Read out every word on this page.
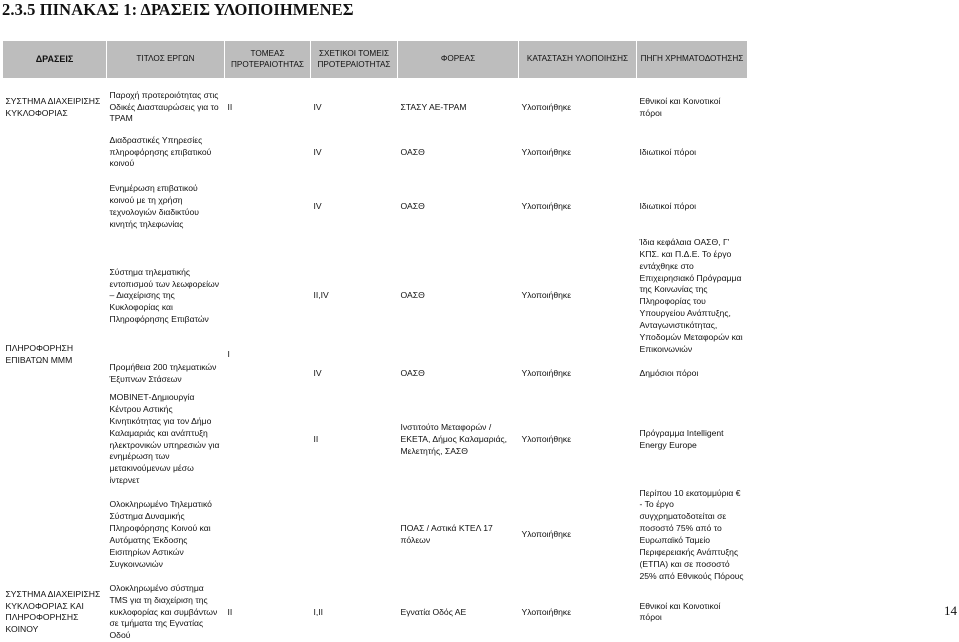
2.3.5 ΠΙΝΑΚΑΣ 1: ΔΡΑΣΕΙΣ ΥΛΟΠΟΙΗΜΕΝΕΣ
ΔΡΑΣΕΙΣ	ΤΙΤΛΟΣ ΕΡΓΩΝ	ΤΟΜΕΑΣ ΠΡΟΤΕΡΑΙΟΤΗΤΑΣ	ΣΧΕΤΙΚΟΙ ΤΟΜΕΙΣ ΠΡΟΤΕΡΑΙΟΤΗΤΑΣ	ΦΟΡΕΑΣ	ΚΑΤΑΣΤΑΣΗ ΥΛΟΠΟΙΗΣΗΣ	ΠΗΓΗ ΧΡΗΜΑΤΟΔΟΤΗΣΗΣ

ΣΥΣΤΗΜΑ ΔΙΑΧΕΙΡΙΣΗΣ ΚΥΚΛΟΦΟΡΙΑΣ	Παροχή προτεροιότητας στις Οδικές Διασταυρώσεις για το ΤΡΑΜ	ΙΙ	ΙV	ΣΤΑΣΥ ΑΕ-ΤΡΑΜ	Υλοποιήθηκε	Εθνικοί και Κοινοτικοί πόροι
ΠΛΗΡΟΦΟΡΗΣΗ ΕΠΙΒΑΤΩΝ ΜΜΜ	Διαδραστικές Υπηρεσίες πληροφόρησης επιβατικού κοινού	Ι	ΙV	ΟΑΣΘ	Υλοποιήθηκε	Ιδιωτικοί πόροι
	Ενημέρωση επιβατικού κοινού με τη χρήση τεχνολογιών διαδικτύου κινητής τηλεφωνίας		ΙV	ΟΑΣΘ	Υλοποιήθηκε	Ιδιωτικοί πόροι
	Σύστημα τηλεματικής εντοπισμού των λεωφορείων – Διαχείρισης της Κυκλοφορίας και Πληροφόρησης Επιβατών		ΙΙ,ΙV	ΟΑΣΘ	Υλοποιήθηκε	Ίδια κεφάλαια ΟΑΣΘ, Γ' ΚΠΣ. και Π.Δ.Ε. Το έργο εντάχθηκε στο Επιχειρησιακό Πρόγραμμα της Κοινωνίας της Πληροφορίας του Υπουργείου Ανάπτυξης, Ανταγωνιστικότητας, Υποδομών Μεταφορών και Επικοινωνιών
	Προμήθεια 200 τηλεματικών Έξυπνων Στάσεων		ΙV	ΟΑΣΘ	Υλοποιήθηκε	Δημόσιοι πόροι
	ΜΟΒΙΝΕΤ-Δημιουργία Κέντρου Αστικής Κινητικότητας για τον Δήμο Καλαμαριάς και ανάπτυξη ηλεκτρονικών υπηρεσιών για ενημέρωση των μετακινούμενων μέσω ίντερνετ		ΙΙ	Ινστιτούτο Μεταφορών / ΕΚΕΤΑ, Δήμος Καλαμαριάς, Μελετητής, ΣΑΣΘ	Υλοποιήθηκε	Πρόγραμμα Intelligent Energy Europe
	Ολοκληρωμένο Τηλεματικό Σύστημα Δυναμικής Πληροφόρησης Κοινού και Αυτόματης Έκδοσης Εισιτηρίων Αστικών Συγκοινωνιών			ΠΟΑΣ / Αστικά ΚΤΕΛ 17 πόλεων	Υλοποιήθηκε	Περίπου 10 εκατομμύρια € - Το έργο συγχρηματοδοτείται σε ποσοστό 75% από το Ευρωπαϊκό Ταμείο Περιφερειακής Ανάπτυξης (ΕΤΠΑ) και σε ποσοστό 25% από Εθνικούς Πόρους
ΣΥΣΤΗΜΑ ΔΙΑΧΕΙΡΙΣΗΣ ΚΥΚΛΟΦΟΡΙΑΣ ΚΑΙ ΠΛΗΡΟΦΟΡΗΣΗΣ ΚΟΙΝΟΥ	Ολοκληρωμένο σύστημα TMS για τη διαχείριση της κυκλοφορίας και συμβάντων σε τμήματα της Εγνατίας Οδού	ΙΙ	Ι,ΙΙ	Εγνατία Οδός ΑΕ	Υλοποιήθηκε	Εθνικοί και Κοινοτικοί πόροι	14
